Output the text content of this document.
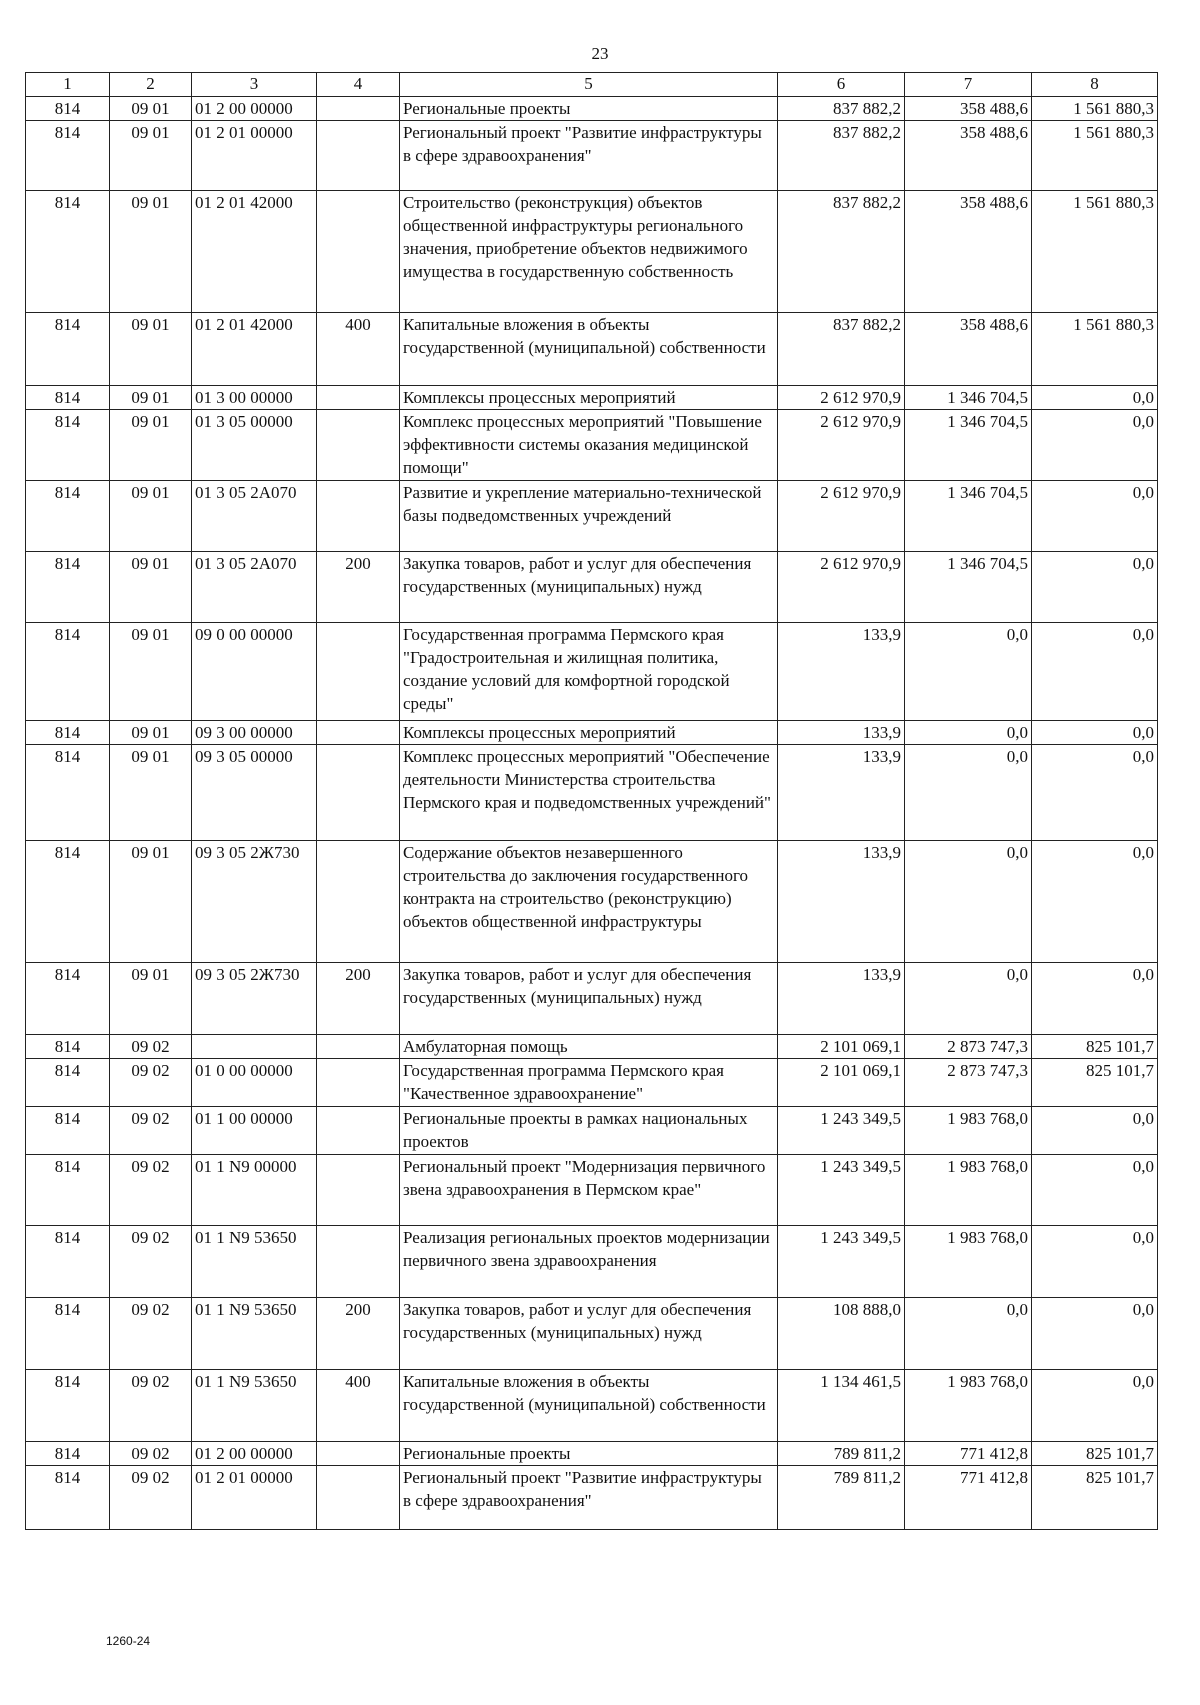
23
1	2	3	4	5	6	7	8
814	09 01	01 2 00 00000		Региональные проекты	837 882,2	358 488,6	1 561 880,3
814	09 01	01 2 01 00000		Региональный проект "Развитие инфраструктуры в сфере здравоохранения"	837 882,2	358 488,6	1 561 880,3
814	09 01	01 2 01 42000		Строительство (реконструкция) объектов общественной инфраструктуры регионального значения, приобретение объектов недвижимого имущества в государственную собственность	837 882,2	358 488,6	1 561 880,3
814	09 01	01 2 01 42000	400	Капитальные вложения в объекты государственной (муниципальной) собственности	837 882,2	358 488,6	1 561 880,3
814	09 01	01 3 00 00000		Комплексы процессных мероприятий	2 612 970,9	1 346 704,5	0,0
814	09 01	01 3 05 00000		Комплекс процессных мероприятий "Повышение эффективности системы оказания медицинской помощи"	2 612 970,9	1 346 704,5	0,0
814	09 01	01 3 05 2А070		Развитие и укрепление материально-технической базы подведомственных учреждений	2 612 970,9	1 346 704,5	0,0
814	09 01	01 3 05 2А070	200	Закупка товаров, работ и услуг для обеспечения государственных (муниципальных) нужд	2 612 970,9	1 346 704,5	0,0
814	09 01	09 0 00 00000		Государственная программа Пермского края "Градостроительная и жилищная политика, создание условий для комфортной городской среды"	133,9	0,0	0,0
814	09 01	09 3 00 00000		Комплексы процессных мероприятий	133,9	0,0	0,0
814	09 01	09 3 05 00000		Комплекс процессных мероприятий "Обеспечение деятельности Министерства строительства Пермского края и подведомственных учреждений"	133,9	0,0	0,0
814	09 01	09 3 05 2Ж730		Содержание объектов незавершенного строительства до заключения государственного контракта на строительство (реконструкцию) объектов общественной инфраструктуры	133,9	0,0	0,0
814	09 01	09 3 05 2Ж730	200	Закупка товаров, работ и услуг для обеспечения государственных (муниципальных) нужд	133,9	0,0	0,0
814	09 02			Амбулаторная помощь	2 101 069,1	2 873 747,3	825 101,7
814	09 02	01 0 00 00000		Государственная программа Пермского края "Качественное здравоохранение"	2 101 069,1	2 873 747,3	825 101,7
814	09 02	01 1 00 00000		Региональные проекты в рамках национальных проектов	1 243 349,5	1 983 768,0	0,0
814	09 02	01 1 N9 00000		Региональный проект "Модернизация первичного звена здравоохранения в Пермском крае"	1 243 349,5	1 983 768,0	0,0
814	09 02	01 1 N9 53650		Реализация региональных проектов модернизации первичного звена здравоохранения	1 243 349,5	1 983 768,0	0,0
814	09 02	01 1 N9 53650	200	Закупка товаров, работ и услуг для обеспечения государственных (муниципальных) нужд	108 888,0	0,0	0,0
814	09 02	01 1 N9 53650	400	Капитальные вложения в объекты государственной (муниципальной) собственности	1 134 461,5	1 983 768,0	0,0
814	09 02	01 2 00 00000		Региональные проекты	789 811,2	771 412,8	825 101,7
814	09 02	01 2 01 00000		Региональный проект "Развитие инфраструктуры в сфере здравоохранения"	789 811,2	771 412,8	825 101,7
1260-24
